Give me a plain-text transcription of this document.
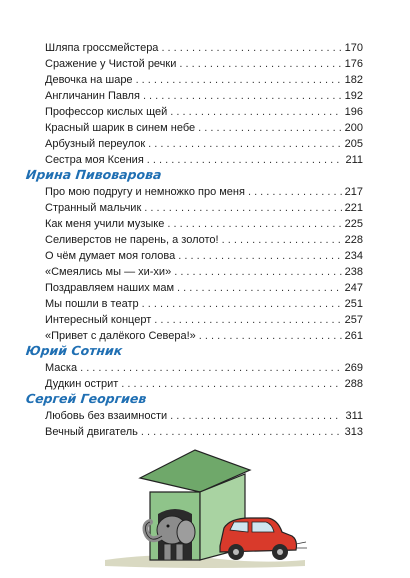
Шляпа гроссмейстера . . .	170
Сражение у Чистой речки . . .	176
Девочка на шаре . . .	182
Англичанин Павля . . .	192
Профессор кислых щей . . .	196
Красный шарик в синем небе . . .	200
Арбузный переулок . . .	205
Сестра моя Ксения . . .	211
Ирина Пивоварова
Про мою подругу и немножко про меня . . .	217
Странный мальчик . . .	221
Как меня учили музыке . . .	225
Селиверстов не парень, а золото! . . .	228
О чём думает моя голова . . .	234
«Смеялись мы — хи-хи» . . .	238
Поздравляем наших мам . . .	247
Мы пошли в театр . . .	251
Интересный концерт . . .	257
«Привет с далёкого Севера!» . . .	261
Юрий Сотник
Маска . . .	269
Дудкин острит . . .	288
Сергей Георгиев
Любовь без взаимности . . .	311
Вечный двигатель . . .	313
